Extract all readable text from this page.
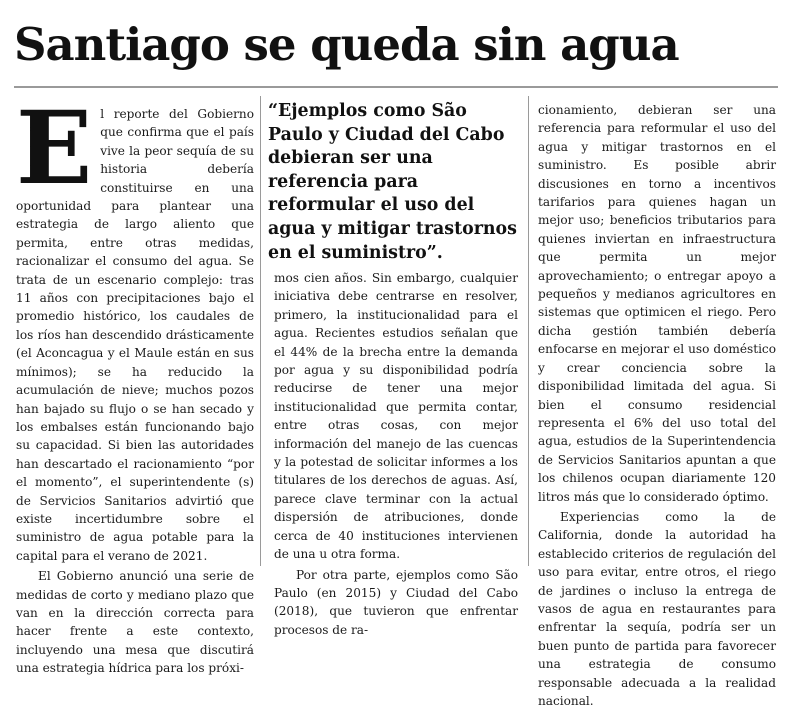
Santiago se queda sin agua

El reporte del Gobierno que confirma que el país vive la peor sequía de su historia debería constituirse en una oportunidad para plantear una estrategia de largo aliento que permita, entre otras medidas, racionalizar el consumo del agua. Se trata de un escenario complejo: tras 11 años con precipitaciones bajo el promedio histórico, los caudales de los ríos han descendido drásticamente (el Aconcagua y el Maule están en sus mínimos); se ha reducido la acumulación de nieve; muchos pozos han bajado su flujo o se han secado y los embalses están funcionando bajo su capacidad. Si bien las autoridades han descartado el racionamiento “por el momento”, el superintendente (s) de Servicios Sanitarios advirtió que existe incertidumbre sobre el suministro de agua potable para la capital para el verano de 2021.

El Gobierno anunció una serie de medidas de corto y mediano plazo que van en la dirección correcta para hacer frente a este contexto, incluyendo una mesa que discutirá una estrategia hídrica para los próxi-

“Ejemplos como São Paulo y Ciudad del Cabo debieran ser una referencia para reformular el uso del agua y mitigar trastornos en el suministro”.

mos cien años. Sin embargo, cualquier iniciativa debe centrarse en resolver, primero, la institucionalidad para el agua. Recientes estudios señalan que el 44% de la brecha entre la demanda por agua y su disponibilidad podría reducirse de tener una mejor institucionalidad que permita contar, entre otras cosas, con mejor información del manejo de las cuencas y la potestad de solicitar informes a los titulares de los derechos de aguas. Así, parece clave terminar con la actual dispersión de atribuciones, donde cerca de 40 instituciones intervienen de una u otra forma.

Por otra parte, ejemplos como São Paulo (en 2015) y Ciudad del Cabo (2018), que tuvieron que enfrentar procesos de ra-

cionamiento, debieran ser una referencia para reformular el uso del agua y mitigar trastornos en el suministro. Es posible abrir discusiones en torno a incentivos tarifarios para quienes hagan un mejor uso; beneficios tributarios para quienes inviertan en infraestructura que permita un mejor aprovechamiento; o entregar apoyo a pequeños y medianos agricultores en sistemas que optimicen el riego. Pero dicha gestión también debería enfocarse en mejorar el uso doméstico y crear conciencia sobre la disponibilidad limitada del agua. Si bien el consumo residencial representa el 6% del uso total del agua, estudios de la Superintendencia de Servicios Sanitarios apuntan a que los chilenos ocupan diariamente 120 litros más que lo considerado óptimo.

Experiencias como la de California, donde la autoridad ha establecido criterios de regulación del uso para evitar, entre otros, el riego de jardines o incluso la entrega de vasos de agua en restaurantes para enfrentar la sequía, podría ser un buen punto de partida para favorecer una estrategia de consumo responsable adecuada a la realidad nacional.
